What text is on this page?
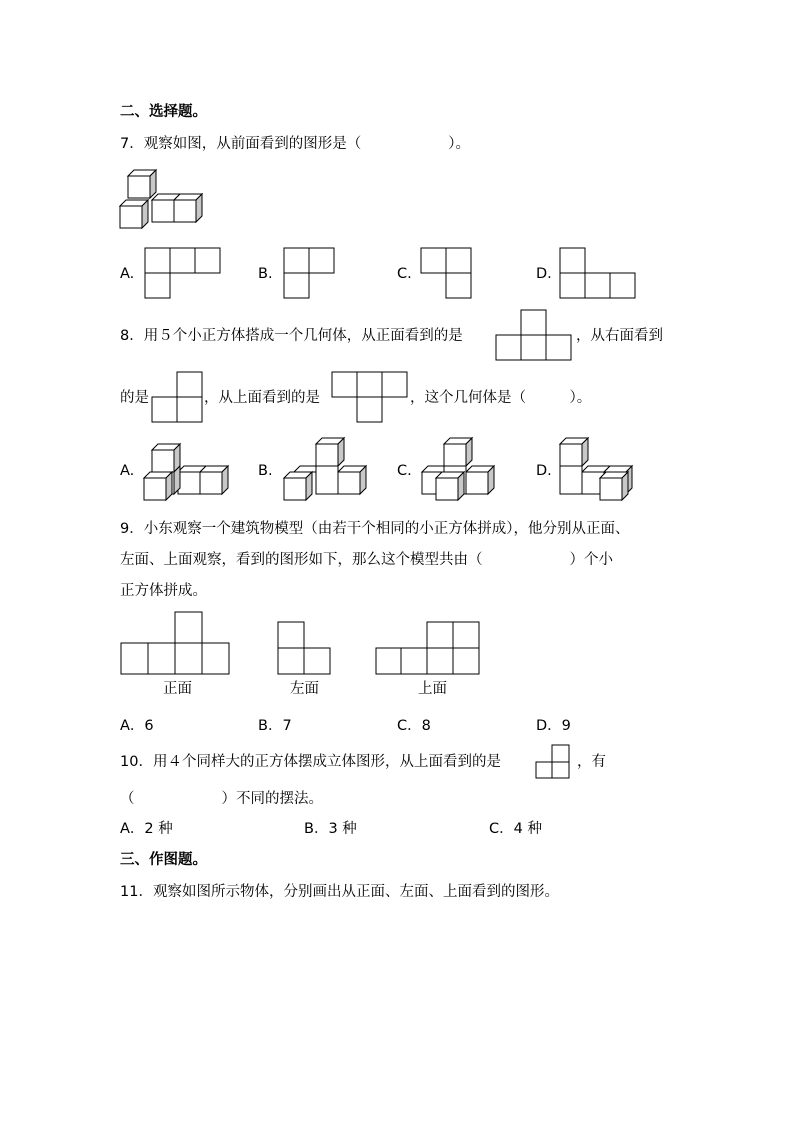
二、选择题。
7．观察如图，从前面看到的图形是（　　　　　　）。
A.	B.	C.	D.
8．用５个小正方体搭成一个几何体，从正面看到的是	，从右面看到
的是	，从上面看到的是	，这个几何体是（　　　）。
A.	B.	C.	D.
9．小东观察一个建筑物模型（由若干个相同的小正方体拼成），他分别从正面、
左面、上面观察，看到的图形如下，那么这个模型共由（　　　　　　）个小
正方体拼成。
正面	左面	上面
A．6	B．7	C．8	D．9
10．用４个同样大的正方体摆成立体图形，从上面看到的是	，有
（　　　　　　）不同的摆法。
A．2 种	B．3 种	C．4 种
三、作图题。
11．观察如图所示物体，分别画出从正面、左面、上面看到的图形。
